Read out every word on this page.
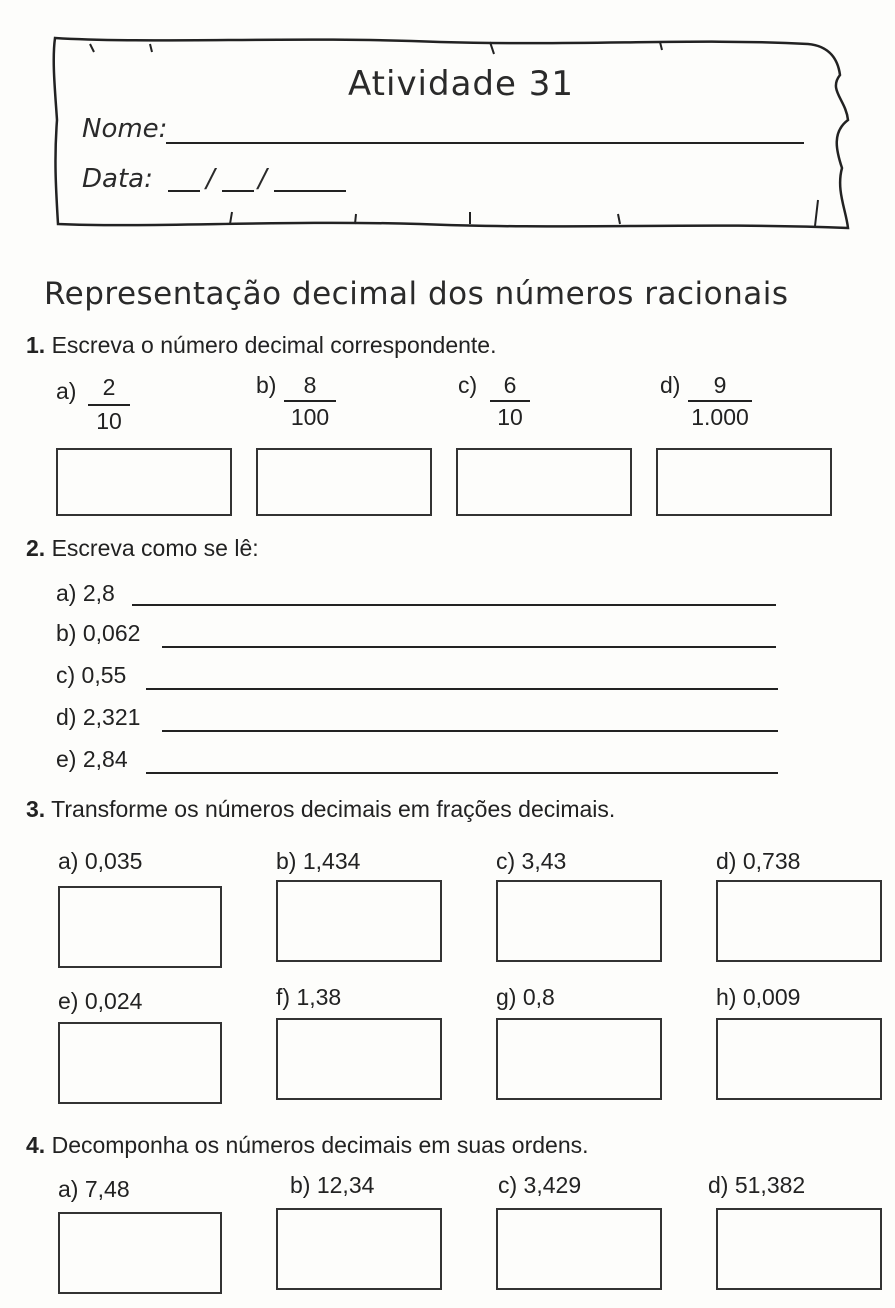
Atividade 31
Nome:
Data: / /
Representação decimal dos números racionais
1. Escreva o número decimal correspondente.
a)	2
10
b)	8
100
c)	6
10
d)	9
1.000
2. Escreva como se lê:
a) 2,8
b) 0,062
c) 0,55
d) 2,321
e) 2,84
3. Transforme os números decimais em frações decimais.
a) 0,035	b) 1,434	c) 3,43	d) 0,738
e) 0,024	f) 1,38	g) 0,8	h) 0,009
4. Decomponha os números decimais em suas ordens.
a) 7,48	b) 12,34	c) 3,429	d) 51,382
